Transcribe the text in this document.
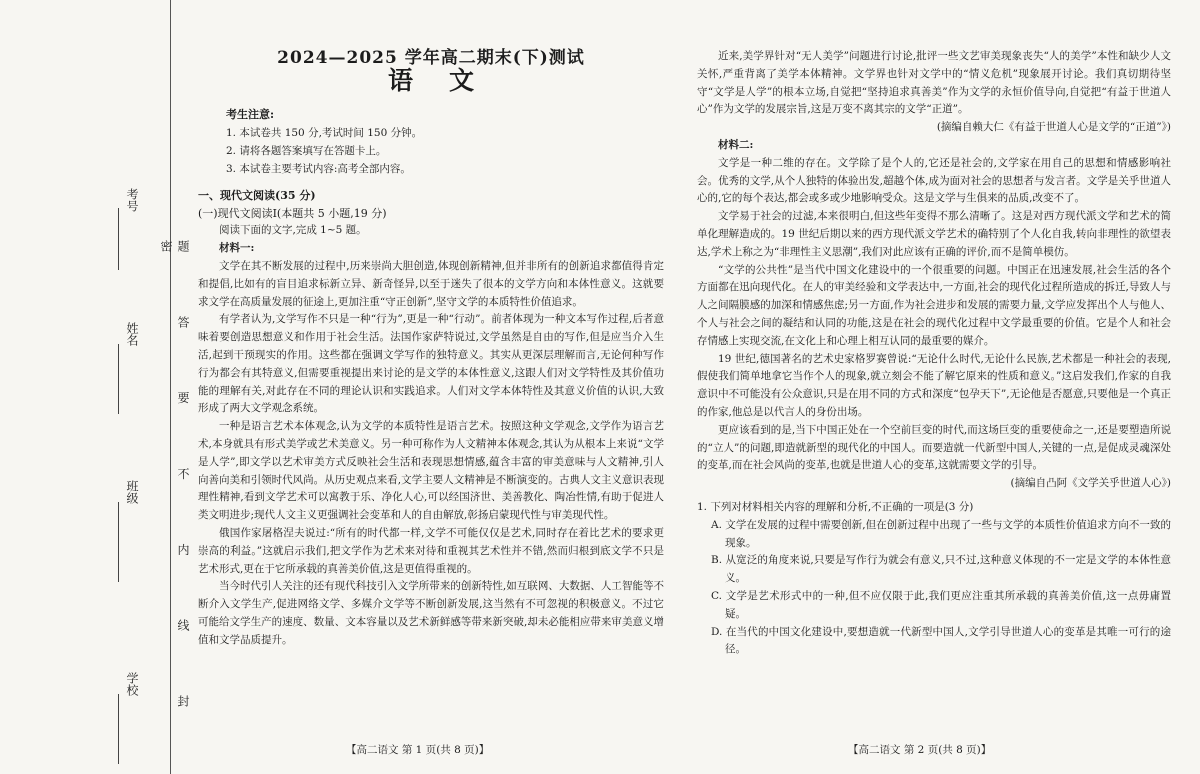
考号
姓名
班级
学校	题 答 要 不 内 线 封 密
2024—2025 学年高二期末(下)测试
语文
考生注意:
1. 本试卷共 150 分,考试时间 150 分钟。
2. 请将各题答案填写在答题卡上。
3. 本试卷主要考试内容:高考全部内容。
一、现代文阅读(35 分)
(一)现代文阅读Ⅰ(本题共 5 小题,19 分)

阅读下面的文字,完成 1~5 题。

材料一:

文学在其不断发展的过程中,历来崇尚大胆创造,体现创新精神,但并非所有的创新追求都值得肯定和提倡,比如有的盲目追求标新立异、新奇怪异,以至于迷失了很本的文学方向和本体性意义。这就要求文学在高质量发展的征途上,更加注重“守正创新”,坚守文学的本质特性价值追求。

有学者认为,文学写作不只是一种“行为”,更是一种“行动”。前者体现为一种文本写作过程,后者意味着要创造思想意义和作用于社会生活。法国作家萨特说过,文学虽然是自由的写作,但是应当介入生活,起到干预现实的作用。这些都在强调文学写作的独特意义。其实从更深层理解而言,无论何种写作行为都会有其特意义,但需要重视提出来讨论的是文学的本体性意义,这跟人们对文学特性及其价值功能的理解有关,对此存在不同的理论认识和实践追求。人们对文学本体特性及其意义价值的认识,大致形成了两大文学观念系统。

一种是语言艺术本体观念,认为文学的本质特性是语言艺术。按照这种文学观念,文学作为语言艺术,本身就具有形式美学或艺术美意义。另一种可称作为人文精神本体观念,其认为从根本上来说“文学是人学”,即文学以艺术审美方式反映社会生活和表现思想情感,蕴含丰富的审美意味与人文精神,引人向善向美和引领时代风尚。从历史观点来看,文学主要人文精神是不断演变的。古典人文主义意识表现理性精神,看到文学艺术可以寓教于乐、净化人心,可以经国济世、美善教化、陶冶性情,有助于促进人类文明进步;现代人文主义更强调社会变革和人的自由解放,彰扬启蒙现代性与审美现代性。

俄国作家屠格涅夫说过:“所有的时代都一样,文学不可能仅仅是艺术,同时存在着比艺术的要求更崇高的利益。”这就启示我们,把文学作为艺术来对待和重视其艺术性并不错,然而归根到底文学不只是艺术形式,更在于它所承载的真善美价值,这是更值得重视的。

当今时代引人关注的还有现代科技引入文学所带来的创新特性,如互联网、大数据、人工智能等不断介入文学生产,促进网络文学、多媒介文学等不断创新发展,这当然有不可忽视的积极意义。不过它可能给文学生产的速度、数量、文本容量以及艺术新鲜感等带来新突破,却未必能相应带来审美意义增值和文学品质提升。

近来,美学界针对“无人美学”问题进行讨论,批评一些文艺审美现象丧失“人的美学”本性和缺少人文关怀,严重背离了美学本体精神。文学界也针对文学中的“情义危机”现象展开讨论。我们真切期待坚守“文学是人学”的根本立场,自觉把“坚持追求真善美”作为文学的永恒价值导向,自觉把“有益于世道人心”作为文学的发展宗旨,这是万变不离其宗的文学“正道”。

(摘编自赖大仁《有益于世道人心是文学的“正道”》)

材料二:

文学是一种二维的存在。文学除了是个人的,它还是社会的,文学家在用自己的思想和情感影响社会。优秀的文学,从个人独特的体验出发,超越个体,成为面对社会的思想者与发言者。文学是关乎世道人心的,它的每个表达,都会或多或少地影响受众。这是文学与生俱来的品质,改变不了。

文学易于社会的过滤,本来很明白,但这些年变得不那么清晰了。这是对西方现代派文学和艺术的简单化理解造成的。19 世纪后期以来的西方现代派文学艺术的确特别了个人化自我,转向非理性的欲望表达,学术上称之为“非理性主义思潮”,我们对此应该有正确的评价,而不是简单模仿。

“文学的公共性”是当代中国文化建设中的一个很重要的问题。中国正在迅速发展,社会生活的各个方面都在迅向现代化。在人的审美经验和文学表达中,一方面,社会的现代化过程所造成的拆迁,导致人与人之间隔膜感的加深和情感焦虑;另一方面,作为社会进步和发展的需要力量,文学应发挥出个人与他人、个人与社会之间的凝结和认同的功能,这是在社会的现代化过程中文学最重要的价值。它是个人和社会存情感上实现交流,在文化上和心理上相互认同的最重要的媒介。

19 世纪,德国著名的艺术史家格罗赛曾说:“无论什么时代,无论什么民族,艺术都是一种社会的表现,假使我们简单地拿它当作个人的现象,就立刻会不能了解它原来的性质和意义。”这启发我们,作家的自我意识中不可能没有公众意识,只是在用不同的方式和深度“包孕天下”,无论他是否愿意,只要他是一个真正的作家,他总是以代言人的身份出场。

更应该看到的是,当下中国正处在一个空前巨变的时代,而这场巨变的重要使命之一,还是要塑造所说的“立人”的问题,即造就新型的现代化的中国人。而要造就一代新型中国人,关键的一点,是促成灵魂深处的变革,而在社会风尚的变革,也就是世道人心的变革,这就需要文学的引导。

(摘编自凸阿《文学关乎世道人心》)

1. 下列对材料相关内容的理解和分析,不正确的一项是(3 分)
A. 文学在发展的过程中需要创新,但在创新过程中出现了一些与文学的本质性价值追求方向不一致的现象。
B. 从宽泛的角度来说,只要是写作行为就会有意义,只不过,这种意义体现的不一定是文学的本体性意义。
C. 文学是艺术形式中的一种,但不应仅限于此,我们更应注重其所承载的真善美价值,这一点毋庸置疑。
D. 在当代的中国文化建设中,要想造就一代新型中国人,文学引导世道人心的变革是其唯一可行的途径。
【高二语文 第 1 页(共 8 页)】	【高二语文 第 2 页(共 8 页)】
